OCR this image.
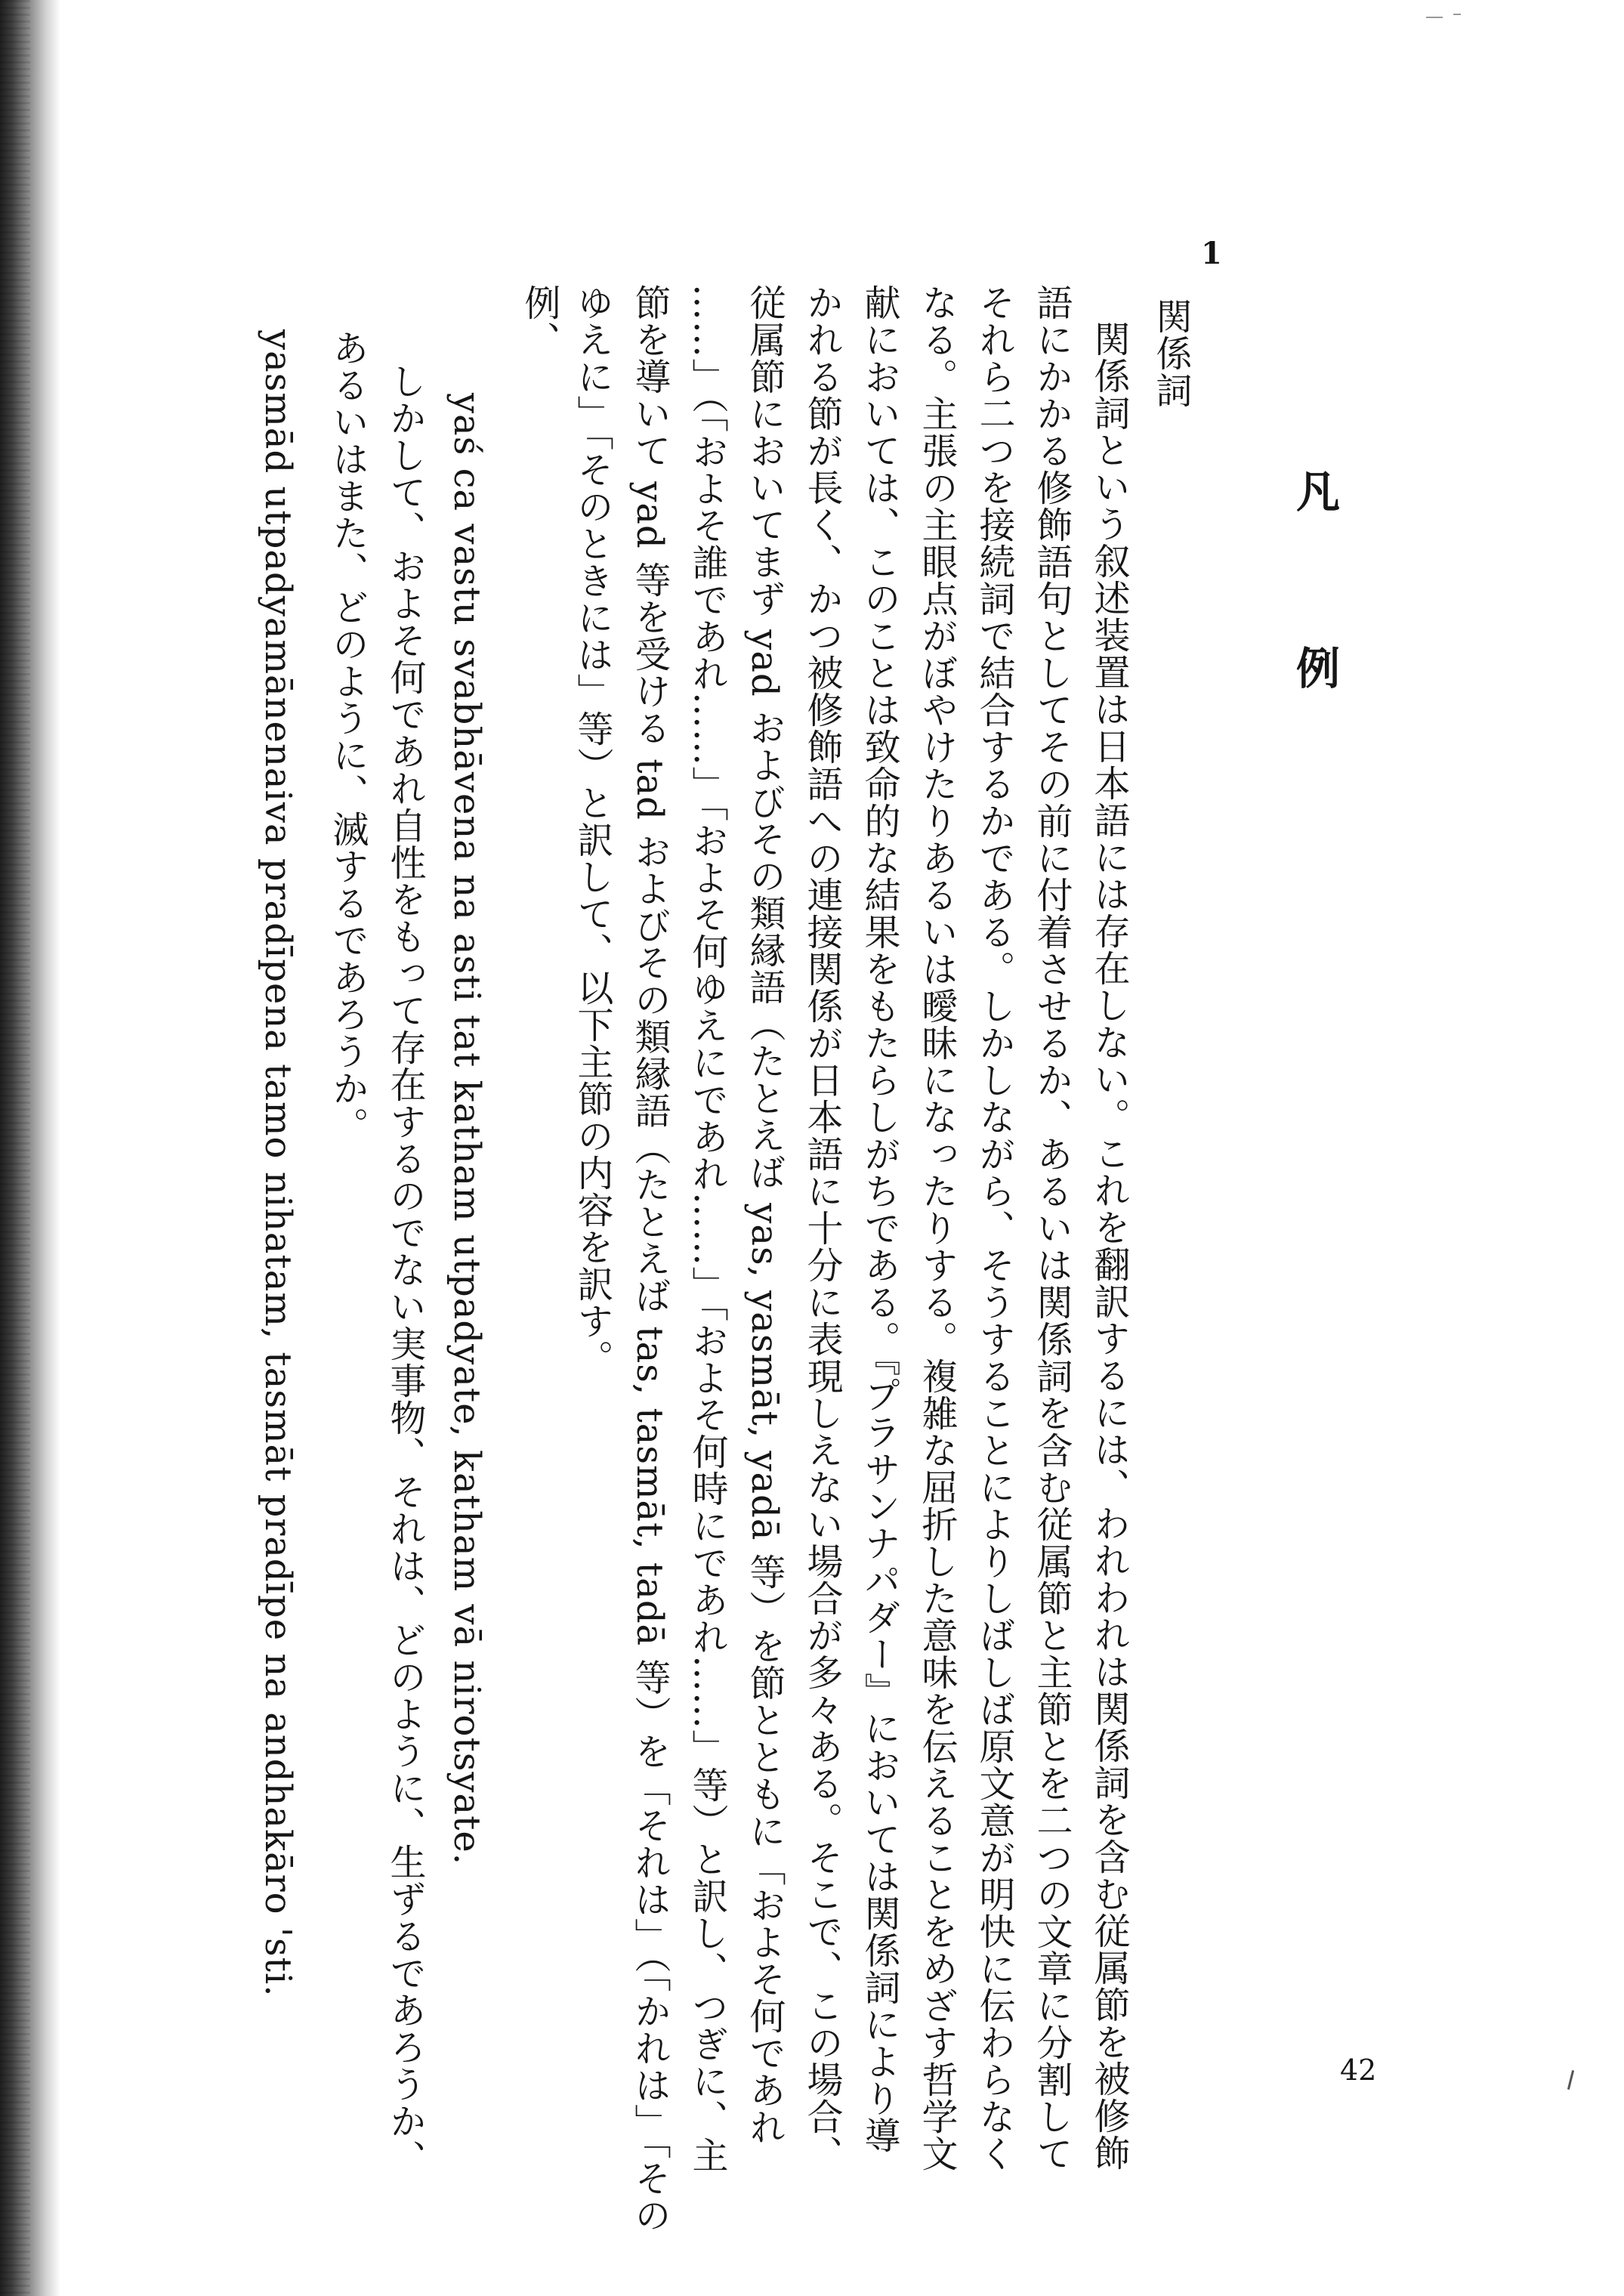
凡 例
1
関係詞
関係詞という叙述装置は日本語には存在しない。これを翻訳するには、われわれは関係詞を含む従属節を被修飾
語にかかる修飾語句としてその前に付着させるか、あるいは関係詞を含む従属節と主節とを二つの文章に分割して
それら二つを接続詞で結合するかである。しかしながら、そうすることによりしばしば原文意が明快に伝わらなく
なる。主張の主眼点がぼやけたりあるいは曖昧になったりする。複雑な屈折した意味を伝えることをめざす哲学文
献においては、このことは致命的な結果をもたらしがちである。『プラサンナパダー』においては関係詞により導
かれる節が長く、かつ被修飾語への連接関係が日本語に十分に表現しえない場合が多々ある。そこで、この場合、
従属節においてまず yad およびその類縁語（たとえば yas, yasmāt, yadā 等）を節とともに「およそ何であれ
……」（「およそ誰であれ……」「およそ何ゆえにであれ……」「およそ何時にであれ……」等）と訳し、つぎに、主
節を導いて yad 等を受ける tad およびその類縁語（たとえば tas, tasmāt, tadā 等）を「それは」（「かれは」「その
ゆえに」「そのときには」等）と訳して、以下主節の内容を訳す。
例、
yaś ca vastu svabhāvena na asti tat katham utpadyate, katham vā nirotsyate.
しかして、およそ何であれ自性をもって存在するのでない実事物、それは、どのように、生ずるであろうか、
あるいはまた、どのように、滅するであろうか。
yasmād utpadyamānenaiva pradīpena tamo nihatam, tasmāt pradīpe na andhakāro 'sti.
42
